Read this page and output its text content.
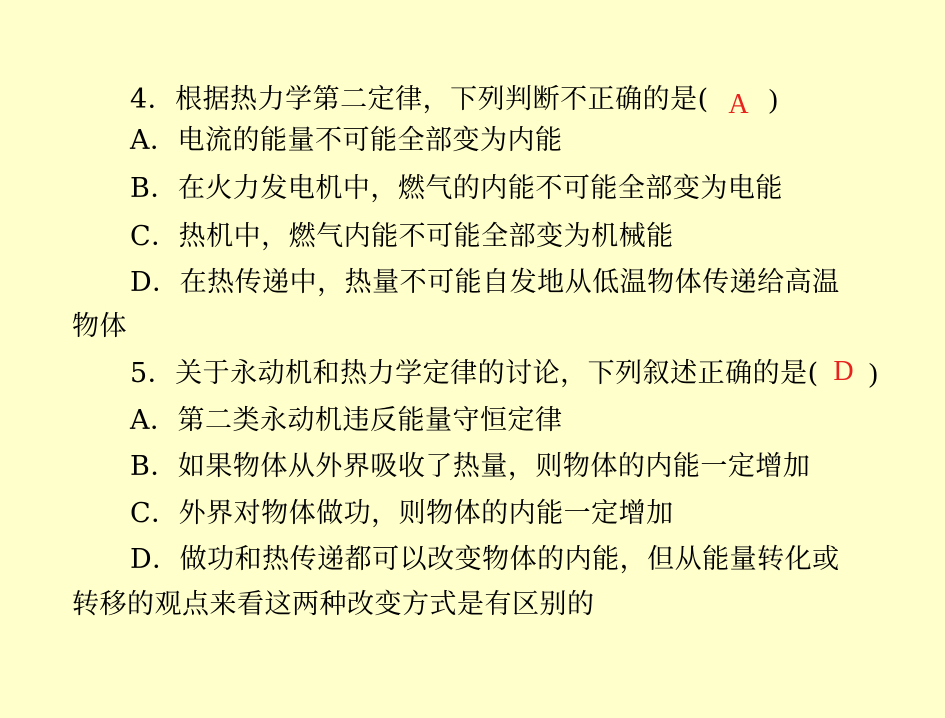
4．根据热力学第二定律，下列判断不正确的是( A )
A．电流的能量不可能全部变为内能
B．在火力发电机中，燃气的内能不可能全部变为电能
C．热机中，燃气内能不可能全部变为机械能
D．在热传递中，热量不可能自发地从低温物体传递给高温
物体
5．关于永动机和热力学定律的讨论，下列叙述正确的是( D )
A．第二类永动机违反能量守恒定律
B．如果物体从外界吸收了热量，则物体的内能一定增加
C．外界对物体做功，则物体的内能一定增加
D．做功和热传递都可以改变物体的内能，但从能量转化或
转移的观点来看这两种改变方式是有区别的
